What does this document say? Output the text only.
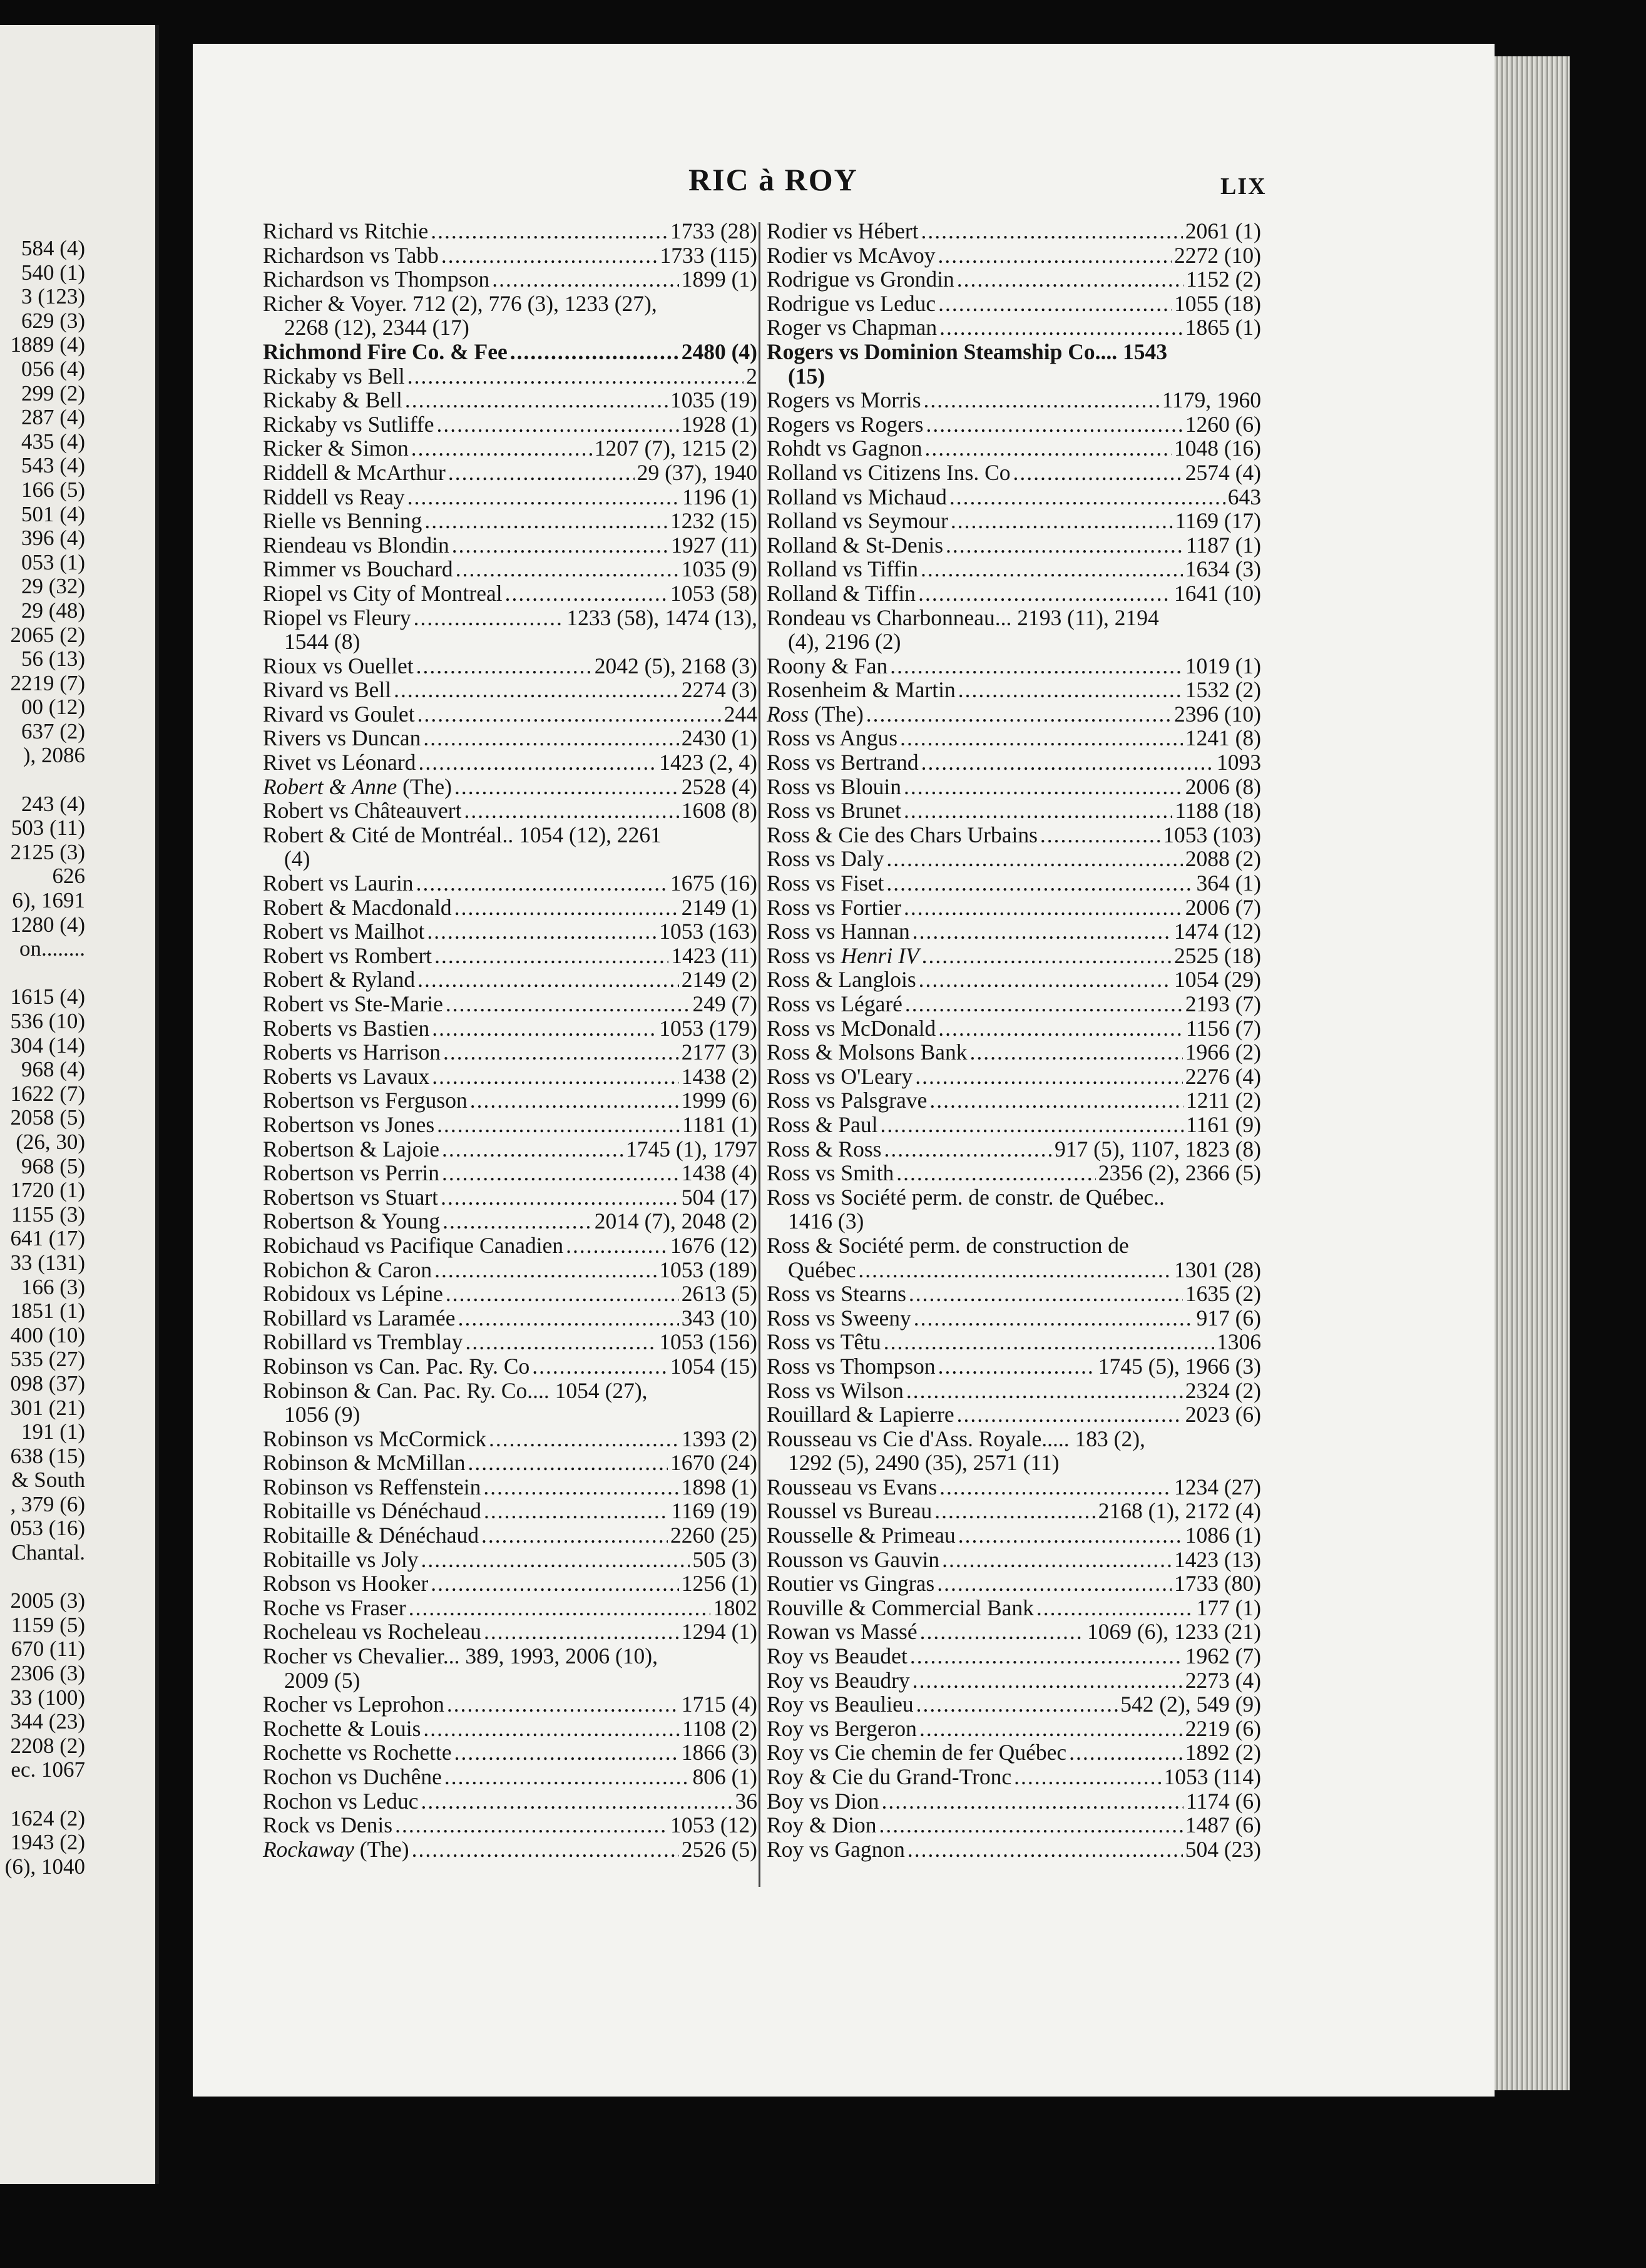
584 (4)
540 (1)
3 (123)
629 (3)
1889 (4)
056 (4)
299 (2)
287 (4)
435 (4)
543 (4)
166 (5)
501 (4)
396 (4)
053 (1)
29 (32)
29 (48)
2065 (2)
56 (13)
2219 (7)
00 (12)
637 (2)
), 2086

243 (4)
503 (11)
2125 (3)
626
6), 1691
1280 (4)
on........

1615 (4)
536 (10)
304 (14)
968 (4)
1622 (7)
2058 (5)
(26, 30)
968 (5)
1720 (1)
1155 (3)
641 (17)
33 (131)
166 (3)
1851 (1)
400 (10)
535 (27)
098 (37)
301 (21)
191 (1)
638 (15)
& South
, 379 (6)
053 (16)
Chantal.

2005 (3)
1159 (5)
670 (11)
2306 (3)
33 (100)
344 (23)
2208 (2)
ec. 1067

1624 (2)
1943 (2)
(6), 1040
RIC à ROY	LIX
Richard vs Ritchie .....	1733 (28)
Richardson vs Tabb .....	1733 (115)
Richardson vs Thompson .....	1899 (1)
Richer & Voyer. 712 (2), 776 (3), 1233 (27),
2268 (12), 2344 (17)
Richmond Fire Co. & Fee .....	2480 (4)
Rickaby vs Bell .....	2
Rickaby & Bell .....	1035 (19)
Rickaby vs Sutliffe .....	1928 (1)
Ricker & Simon .....	1207 (7), 1215 (2)
Riddell & McArthur .....	29 (37), 1940
Riddell vs Reay .....	1196 (1)
Rielle vs Benning .....	1232 (15)
Riendeau vs Blondin .....	1927 (11)
Rimmer vs Bouchard .....	1035 (9)
Riopel vs City of Montreal .....	1053 (58)
Riopel vs Fleury .....	1233 (58), 1474 (13),
1544 (8)
Rioux vs Ouellet .....	2042 (5), 2168 (3)
Rivard vs Bell .....	2274 (3)
Rivard vs Goulet .....	244
Rivers vs Duncan .....	2430 (1)
Rivet vs Léonard .....	1423 (2, 4)
Robert & Anne (The) .....	2528 (4)
Robert vs Châteauvert .....	1608 (8)
Robert & Cité de Montréal.. 1054 (12), 2261
(4)
Robert vs Laurin .....	1675 (16)
Robert & Macdonald .....	2149 (1)
Robert vs Mailhot .....	1053 (163)
Robert vs Rombert .....	1423 (11)
Robert & Ryland .....	2149 (2)
Robert vs Ste-Marie .....	249 (7)
Roberts vs Bastien .....	1053 (179)
Roberts vs Harrison .....	2177 (3)
Roberts vs Lavaux .....	1438 (2)
Robertson vs Ferguson .....	1999 (6)
Robertson vs Jones .....	1181 (1)
Robertson & Lajoie .....	1745 (1), 1797
Robertson vs Perrin .....	1438 (4)
Robertson vs Stuart .....	504 (17)
Robertson & Young .....	2014 (7), 2048 (2)
Robichaud vs Pacifique Canadien .....	1676 (12)
Robichon & Caron .....	1053 (189)
Robidoux vs Lépine .....	2613 (5)
Robillard vs Laramée .....	343 (10)
Robillard vs Tremblay .....	1053 (156)
Robinson vs Can. Pac. Ry. Co .....	1054 (15)
Robinson & Can. Pac. Ry. Co.... 1054 (27),
1056 (9)
Robinson vs McCormick .....	1393 (2)
Robinson & McMillan .....	1670 (24)
Robinson vs Reffenstein .....	1898 (1)
Robitaille vs Dénéchaud .....	1169 (19)
Robitaille & Dénéchaud .....	2260 (25)
Robitaille vs Joly .....	505 (3)
Robson vs Hooker .....	1256 (1)
Roche vs Fraser .....	1802
Rocheleau vs Rocheleau .....	1294 (1)
Rocher vs Chevalier... 389, 1993, 2006 (10),
2009 (5)
Rocher vs Leprohon .....	1715 (4)
Rochette & Louis .....	1108 (2)
Rochette vs Rochette .....	1866 (3)
Rochon vs Duchêne .....	806 (1)
Rochon vs Leduc .....	36
Rock vs Denis .....	1053 (12)
Rockaway (The) .....	2526 (5)
Rodier vs Hébert .....	2061 (1)
Rodier vs McAvoy .....	2272 (10)
Rodrigue vs Grondin .....	1152 (2)
Rodrigue vs Leduc .....	1055 (18)
Roger vs Chapman .....	1865 (1)
Rogers vs Dominion Steamship Co.... 1543
(15)
Rogers vs Morris .....	1179, 1960
Rogers vs Rogers .....	1260 (6)
Rohdt vs Gagnon .....	1048 (16)
Rolland vs Citizens Ins. Co .....	2574 (4)
Rolland vs Michaud .....	643
Rolland vs Seymour .....	1169 (17)
Rolland & St-Denis .....	1187 (1)
Rolland vs Tiffin .....	1634 (3)
Rolland & Tiffin .....	1641 (10)
Rondeau vs Charbonneau... 2193 (11), 2194
(4), 2196 (2)
Roony & Fan .....	1019 (1)
Rosenheim & Martin .....	1532 (2)
Ross (The) .....	2396 (10)
Ross vs Angus .....	1241 (8)
Ross vs Bertrand .....	1093
Ross vs Blouin .....	2006 (8)
Ross vs Brunet .....	1188 (18)
Ross & Cie des Chars Urbains .....	1053 (103)
Ross vs Daly .....	2088 (2)
Ross vs Fiset .....	364 (1)
Ross vs Fortier .....	2006 (7)
Ross vs Hannan .....	1474 (12)
Ross vs Henri IV .....	2525 (18)
Ross & Langlois .....	1054 (29)
Ross vs Légaré .....	2193 (7)
Ross vs McDonald .....	1156 (7)
Ross & Molsons Bank .....	1966 (2)
Ross vs O'Leary .....	2276 (4)
Ross vs Palsgrave .....	1211 (2)
Ross & Paul .....	1161 (9)
Ross & Ross .....	917 (5), 1107, 1823 (8)
Ross vs Smith .....	2356 (2), 2366 (5)
Ross vs Société perm. de constr. de Québec..
1416 (3)
Ross & Société perm. de construction de
Québec .....	1301 (28)
Ross vs Stearns .....	1635 (2)
Ross vs Sweeny .....	917 (6)
Ross vs Têtu .....	1306
Ross vs Thompson .....	1745 (5), 1966 (3)
Ross vs Wilson .....	2324 (2)
Rouillard & Lapierre .....	2023 (6)
Rousseau vs Cie d'Ass. Royale..... 183 (2),
1292 (5), 2490 (35), 2571 (11)
Rousseau vs Evans .....	1234 (27)
Roussel vs Bureau .....	2168 (1), 2172 (4)
Rousselle & Primeau .....	1086 (1)
Rousson vs Gauvin .....	1423 (13)
Routier vs Gingras .....	1733 (80)
Rouville & Commercial Bank .....	177 (1)
Rowan vs Massé .....	1069 (6), 1233 (21)
Roy vs Beaudet .....	1962 (7)
Roy vs Beaudry .....	2273 (4)
Roy vs Beaulieu .....	542 (2), 549 (9)
Roy vs Bergeron .....	2219 (6)
Roy vs Cie chemin de fer Québec .....	1892 (2)
Roy & Cie du Grand-Tronc .....	1053 (114)
Boy vs Dion .....	1174 (6)
Roy & Dion .....	1487 (6)
Roy vs Gagnon .....	504 (23)
